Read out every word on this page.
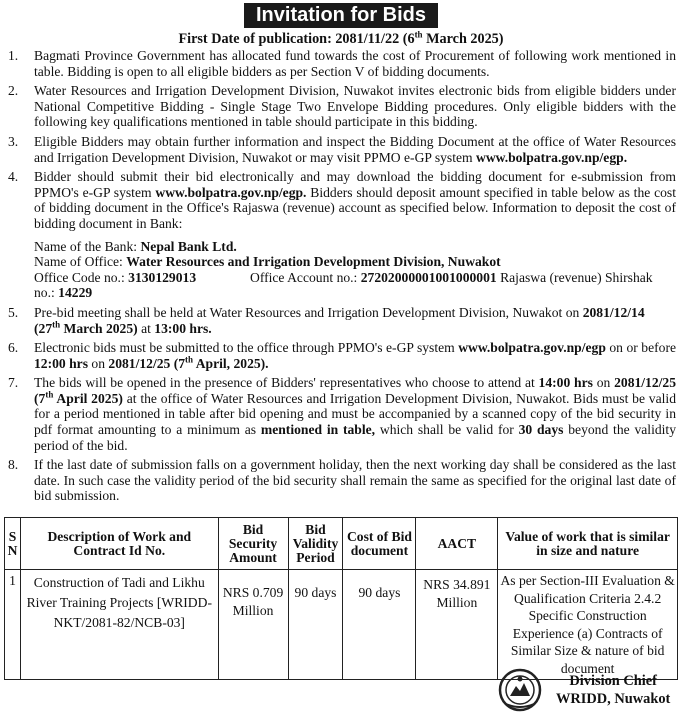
Invitation for Bids
First Date of publication: 2081/11/22 (6th March 2025)
1.	Bagmati Province Government has allocated fund towards the cost of Procurement of following work mentioned in table. Bidding is open to all eligible bidders as per Section V of bidding documents.
2.	Water Resources and Irrigation Development Division, Nuwakot invites electronic bids from eligible bidders under National Competitive Bidding - Single Stage Two Envelope Bidding procedures. Only eligible bidders with the following key qualifications mentioned in table should participate in this bidding.
3.	Eligible Bidders may obtain further information and inspect the Bidding Document at the office of Water Resources and Irrigation Development Division, Nuwakot or may visit PPMO e-GP system www.bolpatra.gov.np/egp.
4.	Bidder should submit their bid electronically and may download the bidding document for e-submission from PPMO's e-GP system www.bolpatra.gov.np/egp. Bidders should deposit amount specified in table below as the cost of bidding document in the Office's Rajaswa (revenue) account as specified below. Information to deposit the cost of bidding document in Bank:
Name of the Bank: Nepal Bank Ltd.
Name of Office: Water Resources and Irrigation Development Division, Nuwakot
Office Code no.: 3130129013	Office Account no.: 27202000001001000001 Rajaswa (revenue) Shirshak
no.: 14229
5.	Pre-bid meeting shall be held at Water Resources and Irrigation Development Division, Nuwakot on 2081/12/14
(27th March 2025) at 13:00 hrs.
6.	Electronic bids must be submitted to the office through PPMO's e-GP system www.bolpatra.gov.np/egp on or before 12:00 hrs on 2081/12/25 (7th April, 2025).
7.	The bids will be opened in the presence of Bidders' representatives who choose to attend at 14:00 hrs on 2081/12/25 (7th April 2025) at the office of Water Resources and Irrigation Development Division, Nuwakot. Bids must be valid for a period mentioned in table after bid opening and must be accompanied by a scanned copy of the bid security in pdf format amounting to a minimum as mentioned in table, which shall be valid for 30 days beyond the validity period of the bid.
8.	If the last date of submission falls on a government holiday, then the next working day shall be considered as the last date. In such case the validity period of the bid security shall remain the same as specified for the original last date of bid submission.
S N	Description of Work and Contract Id No.	Bid Security Amount	Bid Validity Period	Cost of Bid document	AACT	Value of work that is similar in size and nature
1	Construction of Tadi and Likhu River Training Projects [WRIDD-NKT/2081-82/NCB-03]	NRS 0.709 Million	90 days	90 days	NRS 34.891 Million	As per Section-III Evaluation & Qualification Criteria 2.4.2 Specific Construction Experience (a) Contracts of Similar Size & nature of bid document
Division Chief
WRIDD, Nuwakot
